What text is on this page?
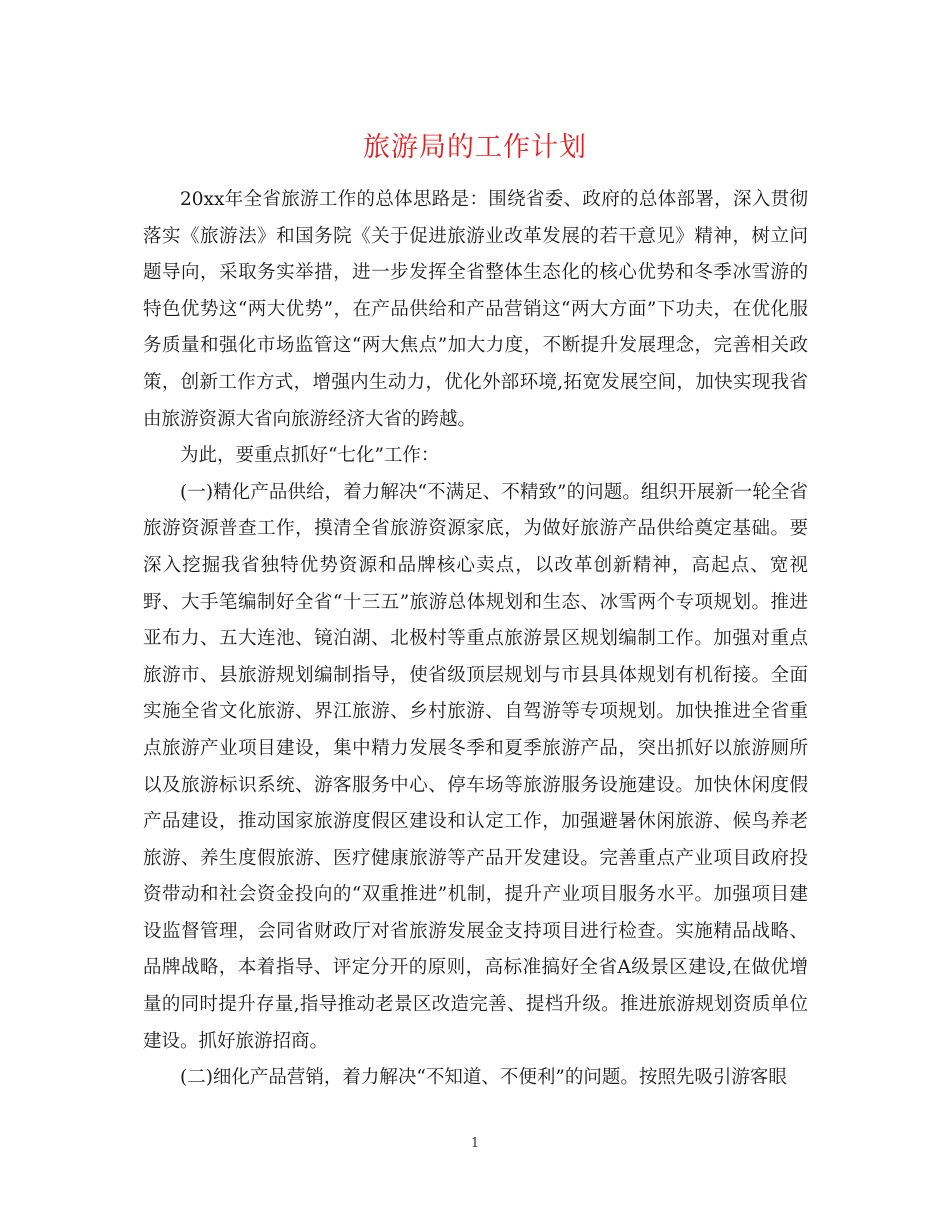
旅游局的工作计划

20xx年全省旅游工作的总体思路是：围绕省委、政府的总体部署，深入贯彻落实《旅游法》和国务院《关于促进旅游业改革发展的若干意见》精神，树立问题导向，采取务实举措，进一步发挥全省整体生态化的核心优势和冬季冰雪游的特色优势这“两大优势”，在产品供给和产品营销这“两大方面”下功夫，在优化服务质量和强化市场监管这“两大焦点”加大力度，不断提升发展理念，完善相关政策，创新工作方式，增强内生动力，优化外部环境,拓宽发展空间，加快实现我省由旅游资源大省向旅游经济大省的跨越。

为此，要重点抓好“七化”工作：

(一)精化产品供给，着力解决“不满足、不精致”的问题。组织开展新一轮全省旅游资源普查工作，摸清全省旅游资源家底，为做好旅游产品供给奠定基础。要深入挖掘我省独特优势资源和品牌核心卖点，以改革创新精神，高起点、宽视野、大手笔编制好全省“十三五”旅游总体规划和生态、冰雪两个专项规划。推进亚布力、五大连池、镜泊湖、北极村等重点旅游景区规划编制工作。加强对重点旅游市、县旅游规划编制指导，使省级顶层规划与市县具体规划有机衔接。全面实施全省文化旅游、界江旅游、乡村旅游、自驾游等专项规划。加快推进全省重点旅游产业项目建设，集中精力发展冬季和夏季旅游产品，突出抓好以旅游厕所以及旅游标识系统、游客服务中心、停车场等旅游服务设施建设。加快休闲度假产品建设，推动国家旅游度假区建设和认定工作，加强避暑休闲旅游、候鸟养老旅游、养生度假旅游、医疗健康旅游等产品开发建设。完善重点产业项目政府投资带动和社会资金投向的“双重推进”机制，提升产业项目服务水平。加强项目建设监督管理，会同省财政厅对省旅游发展金支持项目进行检查。实施精品战略、品牌战略，本着指导、评定分开的原则，高标准搞好全省A级景区建设,在做优增量的同时提升存量,指导推动老景区改造完善、提档升级。推进旅游规划资质单位建设。抓好旅游招商。

(二)细化产品营销，着力解决“不知道、不便利”的问题。按照先吸引游客眼

1
